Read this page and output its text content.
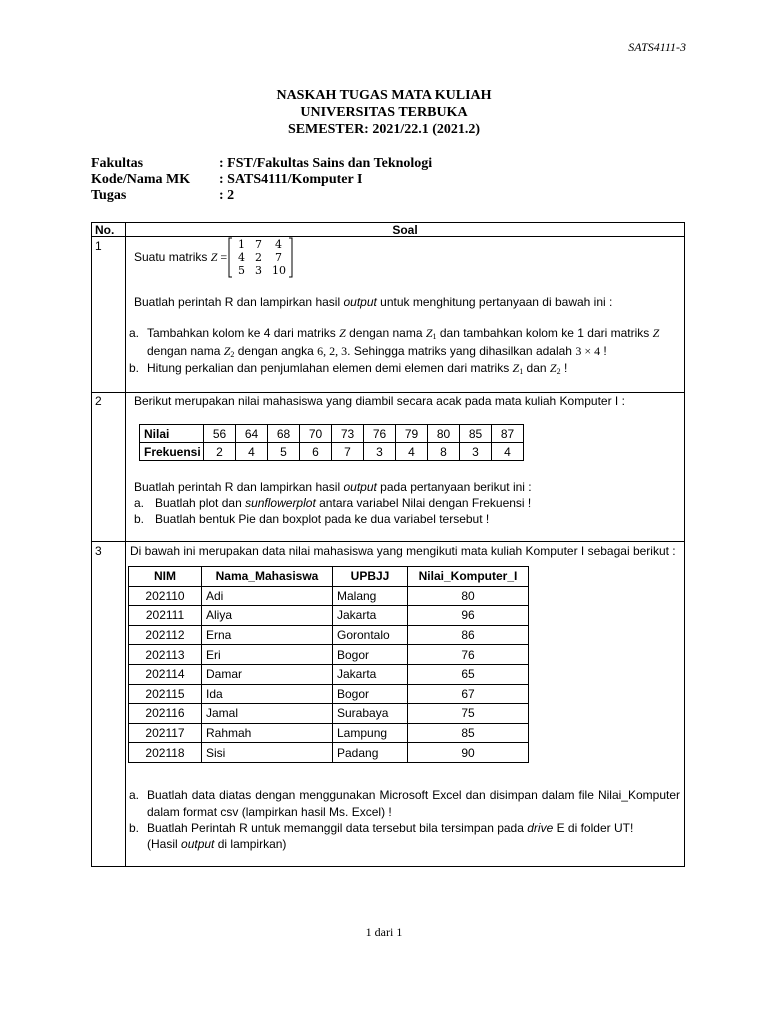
SATS4111-3
NASKAH TUGAS MATA KULIAH
UNIVERSITAS TERBUKA
SEMESTER: 2021/22.1 (2021.2)
Fakultas	: FST/Fakultas Sains dan Teknologi
Kode/Nama MK : SATS4111/Komputer I
Tugas	: 2
No.	Soal
1
Suatu matriks Z =
1 7 4
4 2 7
5 3 10
Buatlah perintah R dan lampirkan hasil output untuk menghitung pertanyaan di bawah ini :
a. Tambahkan kolom ke 4 dari matriks Z dengan nama $Z_1$ dan tambahkan kolom ke 1 dari matriks Z
dengan nama $Z_2$ dengan angka 6, 2, 3. Sehingga matriks yang dihasilkan adalah 3 × 4 !
b. Hitung perkalian dan penjumlahan elemen demi elemen dari matriks $Z_1$ dan $Z_2$ !
2	Berikut merupakan nilai mahasiswa yang diambil secara acak pada mata kuliah Komputer I :
Nilai	56	64	68	70	73	76	79	80	85	87
Frekuensi	2	4	5	6	7	3	4	8	3	4
Buatlah perintah R dan lampirkan hasil output pada pertanyaan berikut ini :
a. Buatlah plot dan sunflowerplot antara variabel Nilai dengan Frekuensi !
b. Buatlah bentuk Pie dan boxplot pada ke dua variabel tersebut !
3 Di bawah ini merupakan data nilai mahasiswa yang mengikuti mata kuliah Komputer I sebagai berikut :
NIM	Nama_Mahasiswa	UPBJJ	Nilai_Komputer_I
202110	Adi	Malang	80
202111	Aliya	Jakarta	96
202112	Erna	Gorontalo	86
202113	Eri	Bogor	76
202114	Damar	Jakarta	65
202115	Ida	Bogor	67
202116	Jamal	Surabaya	75
202117	Rahmah	Lampung	85
202118	Sisi	Padang	90
a. Buatlah data diatas dengan menggunakan Microsoft Excel dan disimpan dalam file Nilai_Komputer
dalam format csv (lampirkan hasil Ms. Excel) !
b. Buatlah Perintah R untuk memanggil data tersebut bila tersimpan pada drive E di folder UT!
(Hasil output di lampirkan)
1 dari 1
